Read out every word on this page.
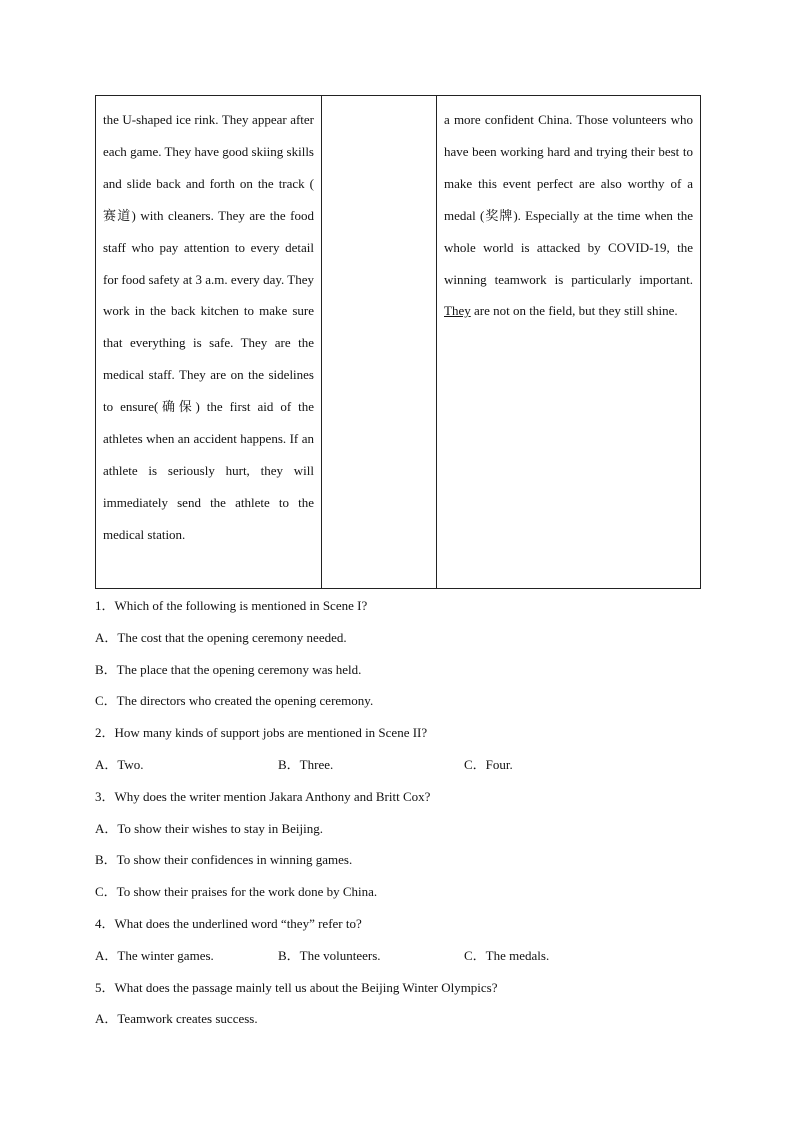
the U-shaped ice rink. They appear after each game. They have good skiing skills and slide back and forth on the track ( 赛道) with cleaners. They are the food staff who pay attention to every detail for food safety at 3 a.m. every day. They work in the back kitchen to make sure that everything is safe. They are the medical staff. They are on the sidelines to ensure(确保) the first aid of the athletes when an accident happens. If an athlete is seriously hurt, they will immediately send the athlete to the medical station.		a more confident China. Those volunteers who have been working hard and trying their best to make this event perfect are also worthy of a medal (奖牌). Especially at the time when the whole world is attacked by COVID-19, the winning teamwork is particularly important. They are not on the field, but they still shine.
1．Which of the following is mentioned in Scene I?
A．The cost that the opening ceremony needed.
B．The place that the opening ceremony was held.
C．The directors who created the opening ceremony.
2．How many kinds of support jobs are mentioned in Scene II?
A．Two.	B．Three.	C．Four.
3．Why does the writer mention Jakara Anthony and Britt Cox?
A．To show their wishes to stay in Beijing.
B．To show their confidences in winning games.
C．To show their praises for the work done by China.
4．What does the underlined word “they” refer to?
A．The winter games.	B．The volunteers.	C．The medals.
5．What does the passage mainly tell us about the Beijing Winter Olympics?
A．Teamwork creates success.
